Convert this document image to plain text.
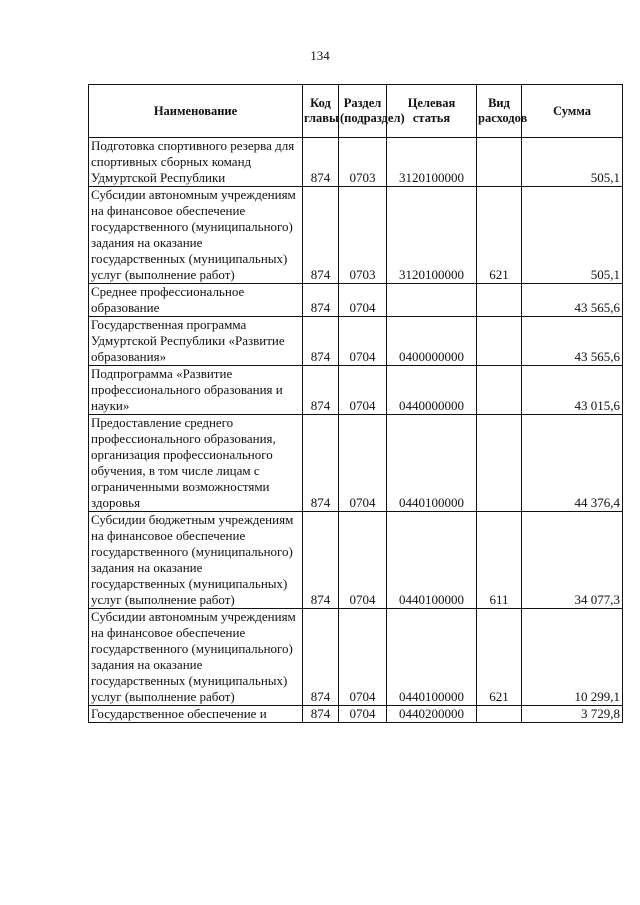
134
Наименование	Код главы	Раздел (подраздел)	Целевая статья	Вид расходов	Сумма
Подготовка спортивного резерва для спортивных сборных команд Удмуртской Республики	874	0703	3120100000		505,1
Субсидии автономным учреждениям на финансовое обеспечение государственного (муниципального) задания на оказание государственных (муниципальных) услуг (выполнение работ)	874	0703	3120100000	621	505,1
Среднее профессиональное образование	874	0704			43 565,6
Государственная программа Удмуртской Республики «Развитие образования»	874	0704	0400000000		43 565,6
Подпрограмма «Развитие профессионального образования и науки»	874	0704	0440000000		43 015,6
Предоставление среднего профессионального образования, организация профессионального обучения, в том числе лицам с ограниченными возможностями здоровья	874	0704	0440100000		44 376,4
Субсидии бюджетным учреждениям на финансовое обеспечение государственного (муниципального) задания на оказание государственных (муниципальных) услуг (выполнение работ)	874	0704	0440100000	611	34 077,3
Субсидии автономным учреждениям на финансовое обеспечение государственного (муниципального) задания на оказание государственных (муниципальных) услуг (выполнение работ)	874	0704	0440100000	621	10 299,1
Государственное обеспечение и	874	0704	0440200000		3 729,8
